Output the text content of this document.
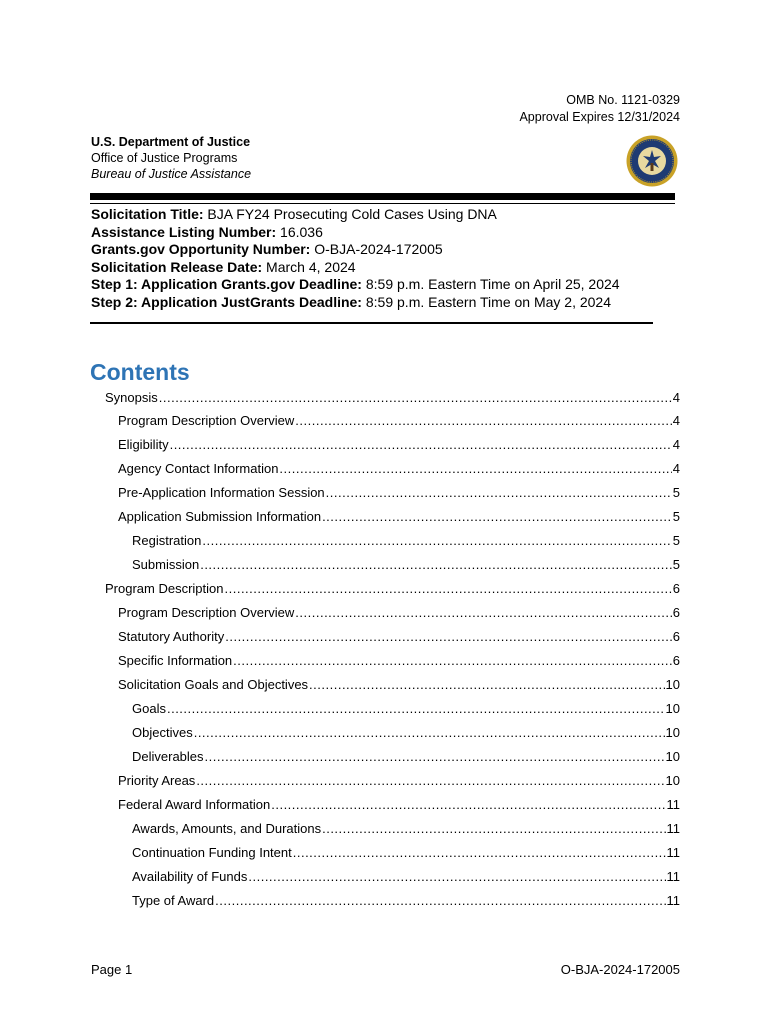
OMB No. 1121-0329
Approval Expires 12/31/2024
U.S. Department of Justice
Office of Justice Programs
Bureau of Justice Assistance
Solicitation Title: BJA FY24 Prosecuting Cold Cases Using DNA
Assistance Listing Number: 16.036
Grants.gov Opportunity Number: O-BJA-2024-172005
Solicitation Release Date: March 4, 2024
Step 1: Application Grants.gov Deadline: 8:59 p.m. Eastern Time on April 25, 2024
Step 2: Application JustGrants Deadline: 8:59 p.m. Eastern Time on May 2, 2024
Contents
Synopsis .....	4
Program Description Overview .....	4
Eligibility .....	4
Agency Contact Information .....	4
Pre-Application Information Session .....	5
Application Submission Information .....	5
Registration .....	5
Submission .....	5
Program Description .....	6
Program Description Overview .....	6
Statutory Authority .....	6
Specific Information .....	6
Solicitation Goals and Objectives .....	10
Goals .....	10
Objectives .....	10
Deliverables .....	10
Priority Areas .....	10
Federal Award Information .....	11
Awards, Amounts, and Durations .....	11
Continuation Funding Intent .....	11
Availability of Funds .....	11
Type of Award .....	11
Page 1	O-BJA-2024-172005
